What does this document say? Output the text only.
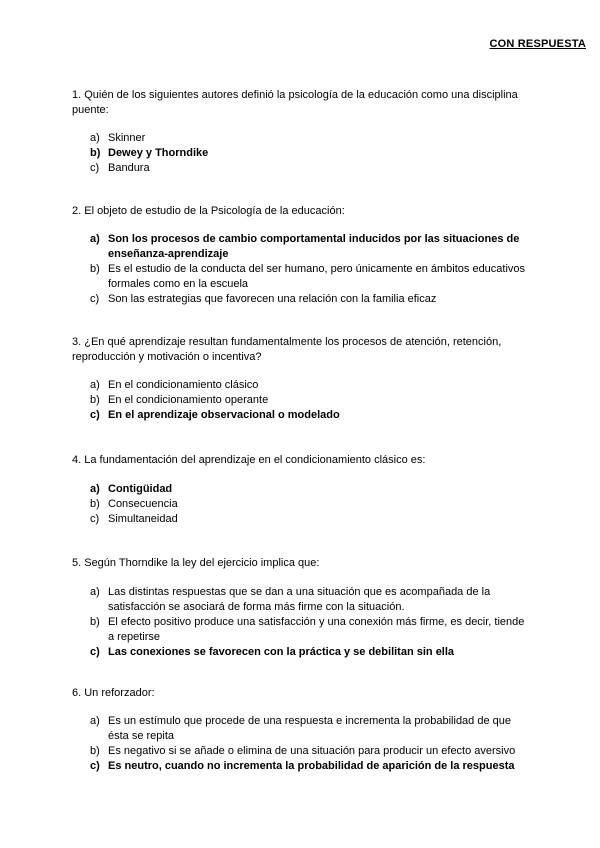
CON RESPUESTA

1. Quién de los siguientes autores definió la psicología de la educación como una disciplina puente:

a) Skinner
b) Dewey y Thorndike
c) Bandura

2. El objeto de estudio de la Psicología de la educación:

a) Son los procesos de cambio comportamental inducidos por las situaciones de enseñanza-aprendizaje
b) Es el estudio de la conducta del ser humano, pero únicamente en ámbitos educativos formales como en la escuela
c) Son las estrategias que favorecen una relación con la familia eficaz

3. ¿En qué aprendizaje resultan fundamentalmente los procesos de atención, retención, reproducción y motivación o incentiva?

a) En el condicionamiento clásico
b) En el condicionamiento operante
c) En el aprendizaje observacional o modelado

4. La fundamentación del aprendizaje en el condicionamiento clásico es:

a) Contigüidad
b) Consecuencia
c) Simultaneidad

5. Según Thorndike la ley del ejercicio implica que:

a) Las distintas respuestas que se dan a una situación que es acompañada de la satisfacción se asociará de forma más firme con la situación.
b) El efecto positivo produce una satisfacción y una conexión más firme, es decir, tiende a repetirse
c) Las conexiones se favorecen con la práctica y se debilitan sin ella

6. Un reforzador:

a) Es un estímulo que procede de una respuesta e incrementa la probabilidad de que ésta se repita
b) Es negativo si se añade o elimina de una situación para producir un efecto aversivo
c) Es neutro, cuando no incrementa la probabilidad de aparición de la respuesta
